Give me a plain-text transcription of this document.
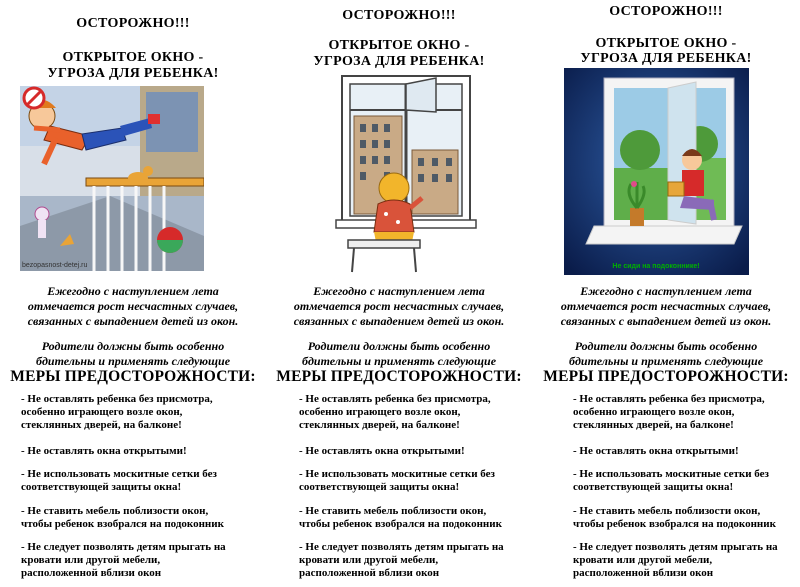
ОСТОРОЖНО!!!
ОТКРЫТОЕ ОКНО -
УГРОЗА ДЛЯ РЕБЕНКА!
bezopasnost-detej.ru
Ежегодно с наступлением лета
отмечается рост несчастных случаев,
связанных с выпадением детей из окон.
Родители должны быть особенно
бдительны и применять следующие
МЕРЫ ПРЕДОСТОРОЖНОСТИ:
- Не оставлять ребенка без присмотра,
особенно играющего возле окон,
стеклянных дверей, на балконе!
- Не оставлять окна открытыми!
- Не использовать москитные сетки без
соответствующей защиты окна!
- Не ставить мебель поблизости окон,
чтобы ребенок взобрался на подоконник
- Не следует позволять детям прыгать на
кровати или другой мебели,
расположенной вблизи окон
ОСТОРОЖНО!!!
ОТКРЫТОЕ ОКНО -
УГРОЗА ДЛЯ РЕБЕНКА!
Ежегодно с наступлением лета
отмечается рост несчастных случаев,
связанных с выпадением детей из окон.
Родители должны быть особенно
бдительны и применять следующие
МЕРЫ ПРЕДОСТОРОЖНОСТИ:
- Не оставлять ребенка без присмотра,
особенно играющего возле окон,
стеклянных дверей, на балконе!
- Не оставлять окна открытыми!
- Не использовать москитные сетки без
соответствующей защиты окна!
- Не ставить мебель поблизости окон,
чтобы ребенок взобрался на подоконник
- Не следует позволять детям прыгать на
кровати или другой мебели,
расположенной вблизи окон
ОСТОРОЖНО!!!
ОТКРЫТОЕ ОКНО -
УГРОЗА ДЛЯ РЕБЕНКА!
Не сиди на подоконнике!
Ежегодно с наступлением лета
отмечается рост несчастных случаев,
связанных с выпадением детей из окон.
Родители должны быть особенно
бдительны и применять следующие
МЕРЫ ПРЕДОСТОРОЖНОСТИ:
- Не оставлять ребенка без присмотра,
особенно играющего возле окон,
стеклянных дверей, на балконе!
- Не оставлять окна открытыми!
- Не использовать москитные сетки без
соответствующей защиты окна!
- Не ставить мебель поблизости окон,
чтобы ребенок взобрался на подоконник
- Не следует позволять детям прыгать на
кровати или другой мебели,
расположенной вблизи окон
